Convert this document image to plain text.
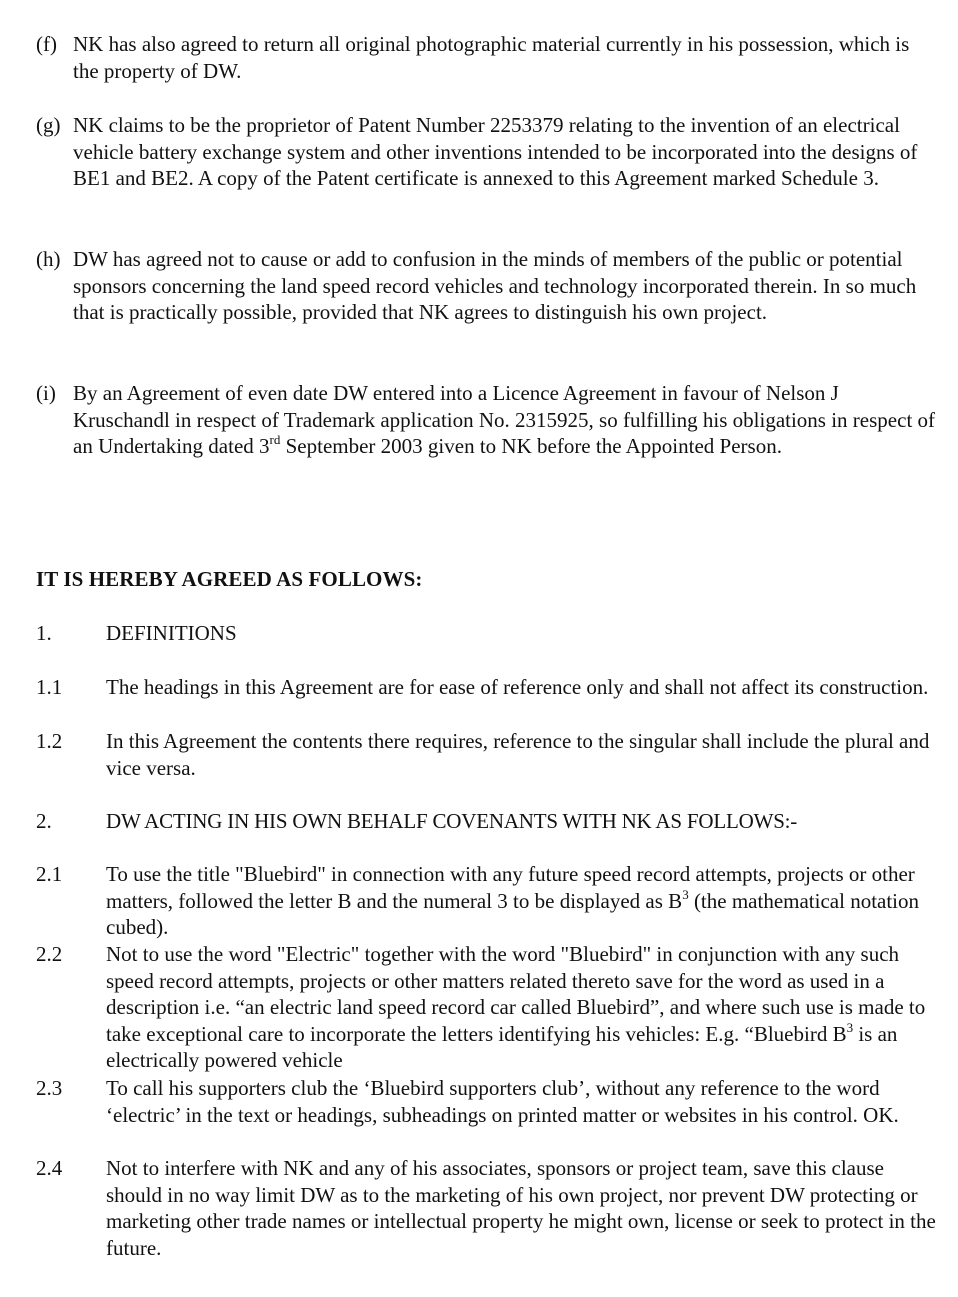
(f) NK has also agreed to return all original photographic material currently in his possession, which is the property of DW.
(g) NK claims to be the proprietor of Patent Number 2253379 relating to the invention of an electrical vehicle battery exchange system and other inventions intended to be incorporated into the designs of BE1 and BE2. A copy of the Patent certificate is annexed to this Agreement marked Schedule 3.
(h) DW has agreed not to cause or add to confusion in the minds of members of the public or potential sponsors concerning the land speed record vehicles and technology incorporated therein. In so much that is practically possible, provided that NK agrees to distinguish his own project.
(i) By an Agreement of even date DW entered into a Licence Agreement in favour of Nelson J Kruschandl in respect of Trademark application No. 2315925, so fulfilling his obligations in respect of an Undertaking dated 3rd September 2003 given to NK before the Appointed Person.
IT IS HEREBY AGREED AS FOLLOWS:
1.	DEFINITIONS
1.1 The headings in this Agreement are for ease of reference only and shall not affect its construction.
1.2 In this Agreement the contents there requires, reference to the singular shall include the plural and vice versa.
2.	DW ACTING IN HIS OWN BEHALF COVENANTS WITH NK AS FOLLOWS:-
2.1 To use the title "Bluebird" in connection with any future speed record attempts, projects or other matters, followed the letter B and the numeral 3 to be displayed as $B^3$ (the mathematical notation cubed).
2.2 Not to use the word "Electric" together with the word "Bluebird" in conjunction with any such speed record attempts, projects or other matters related thereto save for the word as used in a description i.e. “an electric land speed record car called Bluebird”, and where such use is made to take exceptional care to incorporate the letters identifying his vehicles: E.g. “Bluebird $B^3$ is an electrically powered vehicle
2.3 To call his supporters club the ‘Bluebird supporters club’, without any reference to the word ‘electric’ in the text or headings, subheadings on printed matter or websites in his control. OK.
2.4 Not to interfere with NK and any of his associates, sponsors or project team, save this clause should in no way limit DW as to the marketing of his own project, nor prevent DW protecting or marketing other trade names or intellectual property he might own, license or seek to protect in the future.
